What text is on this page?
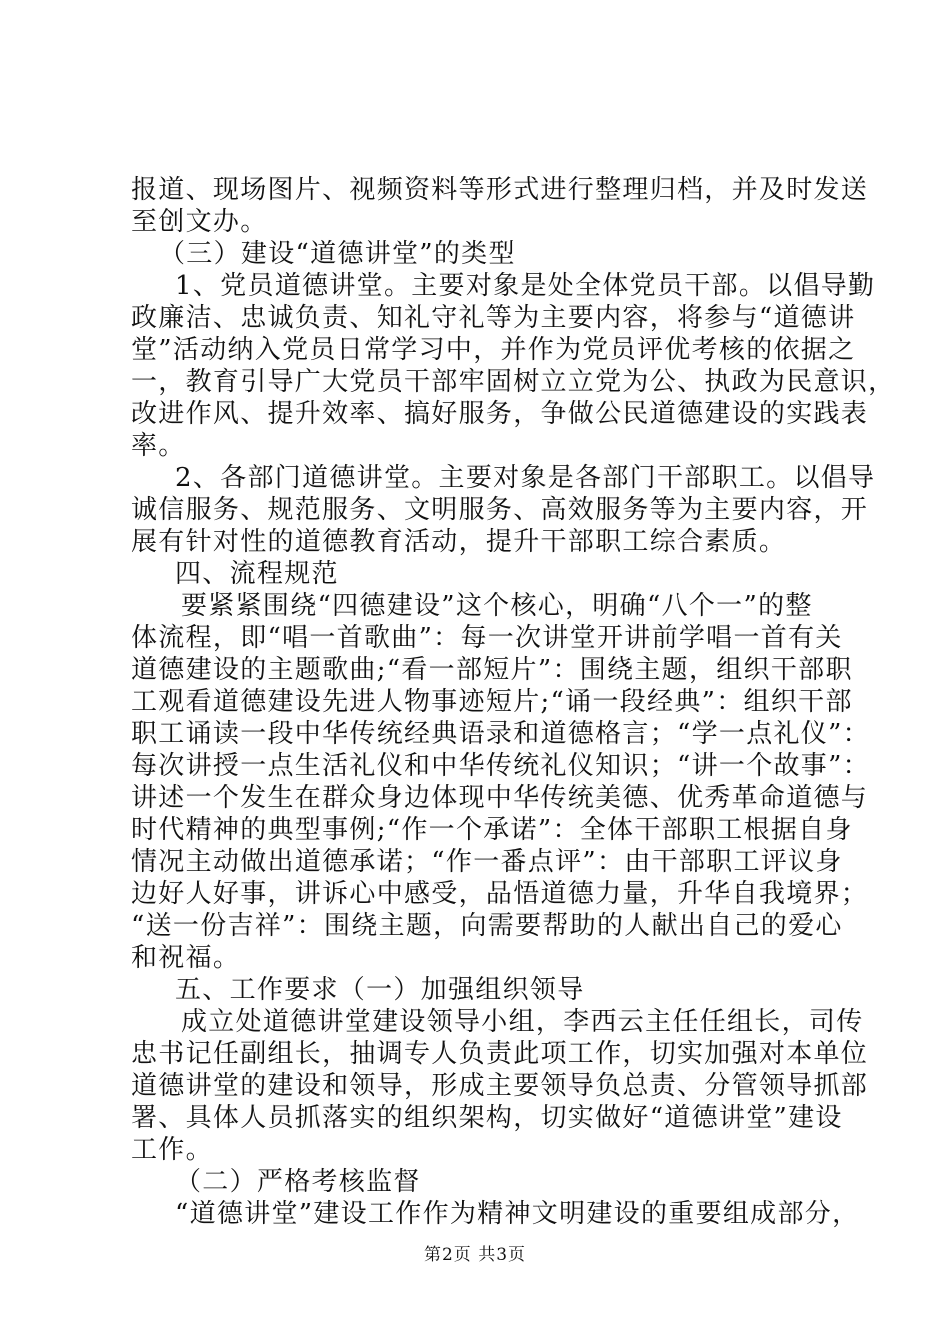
报道、现场图片、视频资料等形式进行整理归档，并及时发送
至创文办。
（三）建设“道德讲堂”的类型
1、党员道德讲堂。主要对象是处全体党员干部。以倡导勤
政廉洁、忠诚负责、知礼守礼等为主要内容，将参与“道德讲
堂”活动纳入党员日常学习中，并作为党员评优考核的依据之
一，教育引导广大党员干部牢固树立立党为公、执政为民意识，
改进作风、提升效率、搞好服务，争做公民道德建设的实践表
率。
2、各部门道德讲堂。主要对象是各部门干部职工。以倡导
诚信服务、规范服务、文明服务、高效服务等为主要内容，开
展有针对性的道德教育活动，提升干部职工综合素质。
四、流程规范
要紧紧围绕“四德建设”这个核心，明确“八个一”的整
体流程，即“唱一首歌曲”：每一次讲堂开讲前学唱一首有关
道德建设的主题歌曲;“看一部短片”：围绕主题，组织干部职
工观看道德建设先进人物事迹短片;“诵一段经典”：组织干部
职工诵读一段中华传统经典语录和道德格言；“学一点礼仪”：
每次讲授一点生活礼仪和中华传统礼仪知识；“讲一个故事”：
讲述一个发生在群众身边体现中华传统美德、优秀革命道德与
时代精神的典型事例;“作一个承诺”：全体干部职工根据自身
情况主动做出道德承诺；“作一番点评”：由干部职工评议身
边好人好事，讲诉心中感受，品悟道德力量，升华自我境界；
“送一份吉祥”：围绕主题，向需要帮助的人献出自己的爱心
和祝福。
五、工作要求（一）加强组织领导
成立处道德讲堂建设领导小组，李西云主任任组长，司传
忠书记任副组长，抽调专人负责此项工作，切实加强对本单位
道德讲堂的建设和领导，形成主要领导负总责、分管领导抓部
署、具体人员抓落实的组织架构，切实做好“道德讲堂”建设
工作。
（二）严格考核监督
“道德讲堂”建设工作作为精神文明建设的重要组成部分，
第2页 共3页
